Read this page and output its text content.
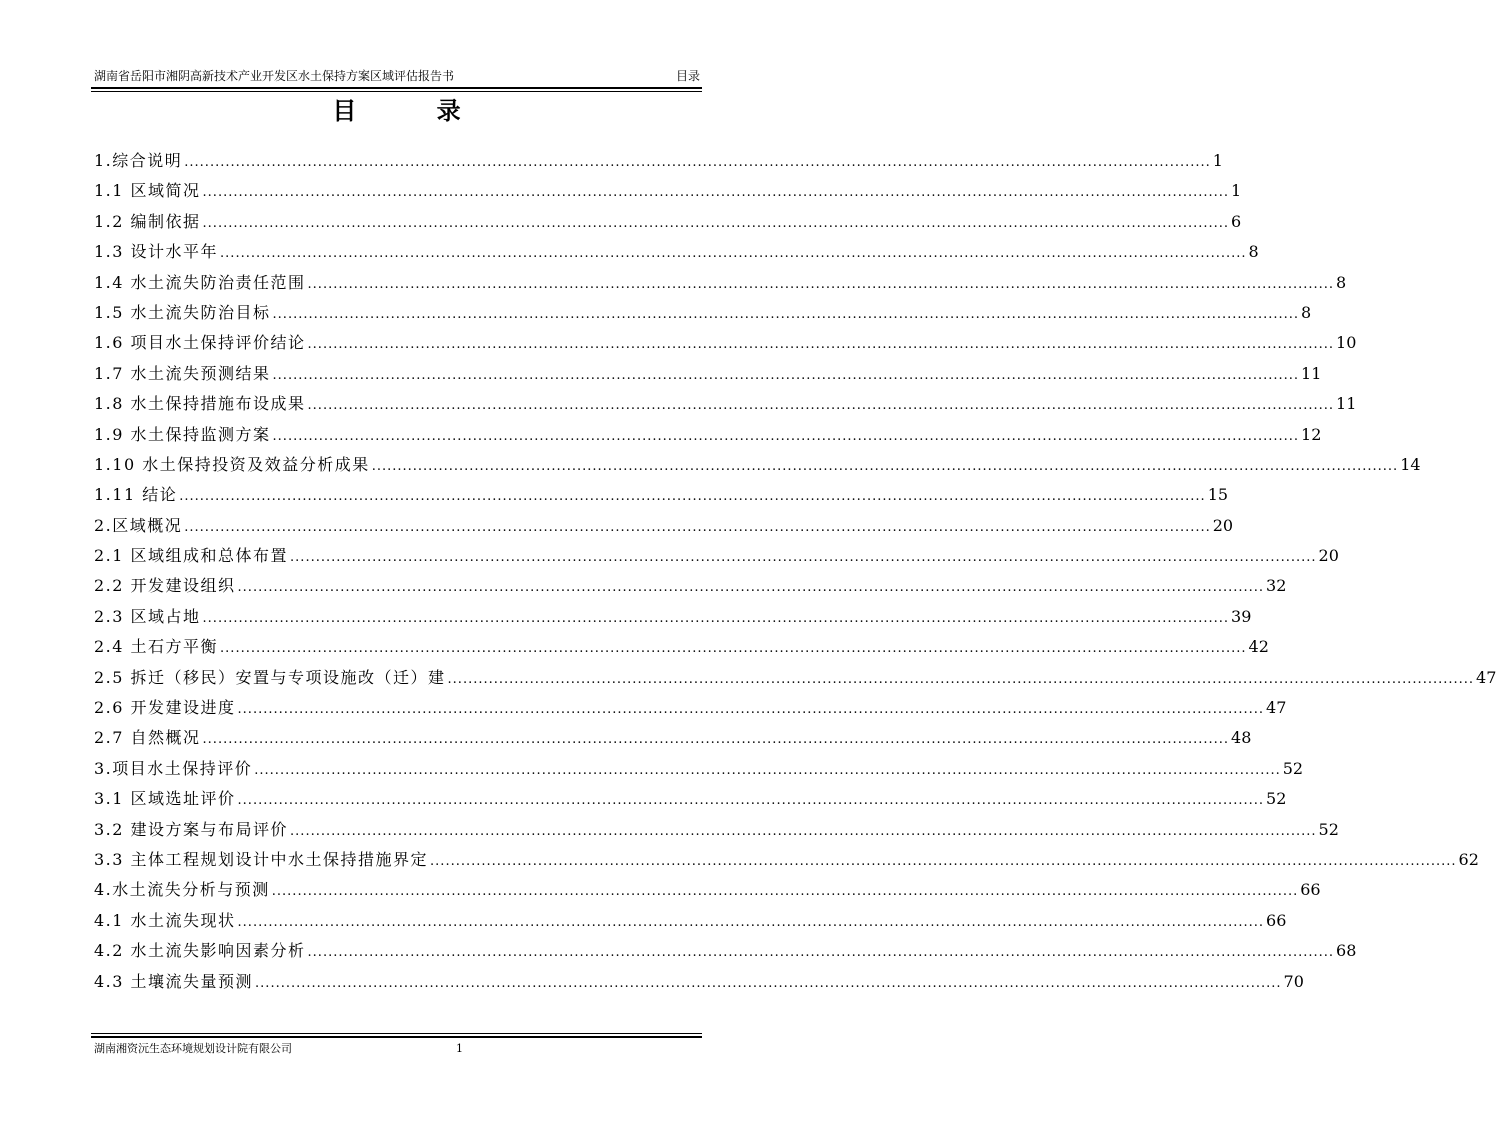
湖南省岳阳市湘阴高新技术产业开发区水土保持方案区域评估报告书	目录
目 录
1.综合说明 ........................................................................................................................................................................................................ 1
1.1 区域简况 ........................................................................................................................................................................................................ 1
1.2 编制依据 ........................................................................................................................................................................................................ 6
1.3 设计水平年 ........................................................................................................................................................................................................ 8
1.4 水土流失防治责任范围 ........................................................................................................................................................................................................ 8
1.5 水土流失防治目标 ........................................................................................................................................................................................................ 8
1.6 项目水土保持评价结论 ........................................................................................................................................................................................................ 10
1.7 水土流失预测结果 ........................................................................................................................................................................................................ 11
1.8 水土保持措施布设成果 ........................................................................................................................................................................................................ 11
1.9 水土保持监测方案 ........................................................................................................................................................................................................ 12
1.10 水土保持投资及效益分析成果 ........................................................................................................................................................................................................ 14
1.11 结论 ........................................................................................................................................................................................................ 15
2.区域概况 ........................................................................................................................................................................................................ 20
2.1 区域组成和总体布置 ........................................................................................................................................................................................................ 20
2.2 开发建设组织 ........................................................................................................................................................................................................ 32
2.3 区域占地 ........................................................................................................................................................................................................ 39
2.4 土石方平衡 ........................................................................................................................................................................................................ 42
2.5 拆迁（移民）安置与专项设施改（迁）建 ........................................................................................................................................................................................................ 47
2.6 开发建设进度 ........................................................................................................................................................................................................ 47
2.7 自然概况 ........................................................................................................................................................................................................ 48
3.项目水土保持评价 ........................................................................................................................................................................................................ 52
3.1 区域选址评价 ........................................................................................................................................................................................................ 52
3.2 建设方案与布局评价 ........................................................................................................................................................................................................ 52
3.3 主体工程规划设计中水土保持措施界定 ........................................................................................................................................................................................................ 62
4.水土流失分析与预测 ........................................................................................................................................................................................................ 66
4.1 水土流失现状 ........................................................................................................................................................................................................ 66
4.2 水土流失影响因素分析 ........................................................................................................................................................................................................ 68
4.3 土壤流失量预测 ........................................................................................................................................................................................................ 70
湖南湘资沅生态环境规划设计院有限公司	1
